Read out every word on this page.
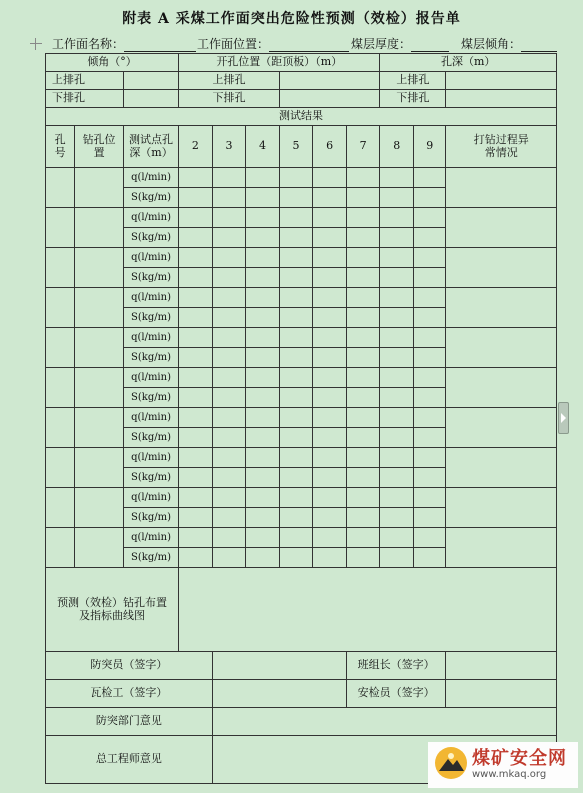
附表 A 采煤工作面突出危险性预测（效检）报告单
工作面名称：	工作面位置：	煤层厚度：	煤层倾角：
倾角（°）			开孔位置（距顶板）（m）						孔深（m）		
上排孔			上排孔						上排孔		
下排孔			下排孔						下排孔		
测试结果											
孔号	钻孔位置	测试点孔深（m）	2	3	4	5	6	7	8	9	打钻过程异常情况
		q(l/min)									
		S(kg/m)									
		q(l/min)									
		S(kg/m)									
		q(l/min)									
		S(kg/m)									
		q(l/min)									
		S(kg/m)									
		q(l/min)									
		S(kg/m)									
		q(l/min)									
		S(kg/m)									
		q(l/min)									
		S(kg/m)									
		q(l/min)									
		S(kg/m)									
		q(l/min)									
		S(kg/m)									
		q(l/min)									
		S(kg/m)									
预测（效检）钻孔布置及指标曲线图											
防突员（签字）								班组长（签字）			
瓦检工（签字）								安检员（签字）			
防突部门意见											
总工程师意见												煤矿安全网
www.mkaq.org
